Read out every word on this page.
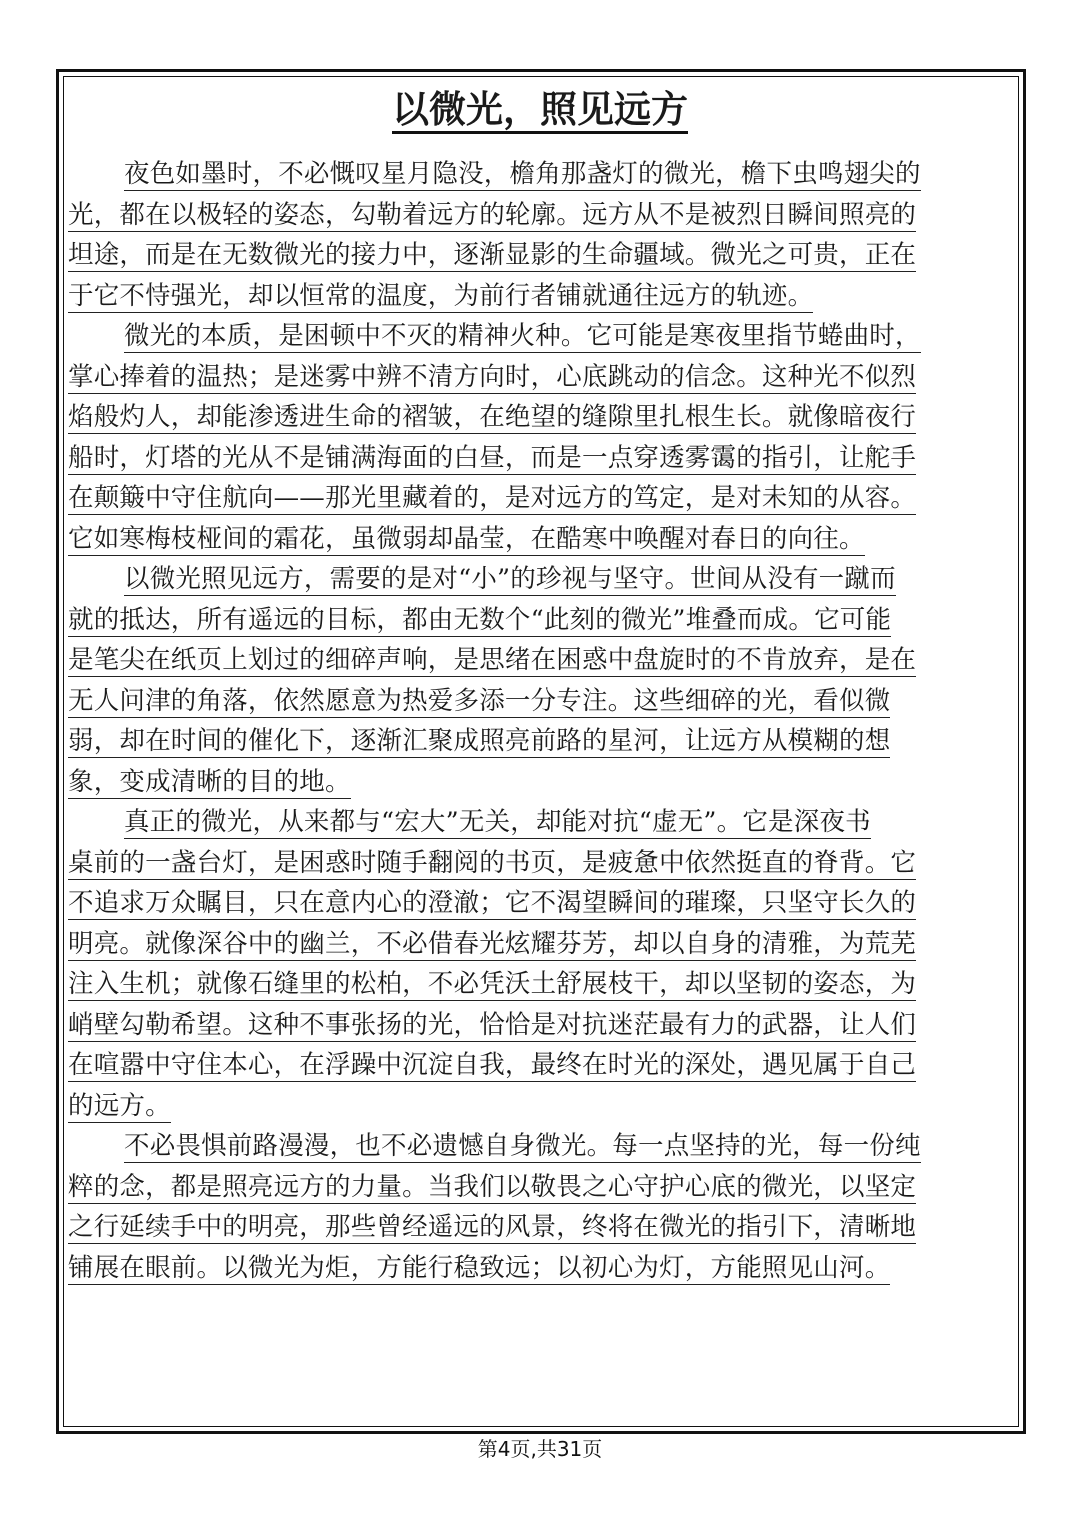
以微光，照见远方
夜色如墨时，不必慨叹星月隐没，檐角那盏灯的微光，檐下虫鸣翅尖的
光，都在以极轻的姿态，勾勒着远方的轮廓。远方从不是被烈日瞬间照亮的
坦途，而是在无数微光的接力中，逐渐显影的生命疆域。微光之可贵，正在
于它不恃强光，却以恒常的温度，为前行者铺就通往远方的轨迹。
微光的本质，是困顿中不灭的精神火种。它可能是寒夜里指节蜷曲时，
掌心捧着的温热；是迷雾中辨不清方向时，心底跳动的信念。这种光不似烈
焰般灼人，却能渗透进生命的褶皱，在绝望的缝隙里扎根生长。就像暗夜行
船时，灯塔的光从不是铺满海面的白昼，而是一点穿透雾霭的指引，让舵手
在颠簸中守住航向——那光里藏着的，是对远方的笃定，是对未知的从容。
它如寒梅枝桠间的霜花，虽微弱却晶莹，在酷寒中唤醒对春日的向往。
以微光照见远方，需要的是对“小”的珍视与坚守。世间从没有一蹴而
就的抵达，所有遥远的目标，都由无数个“此刻的微光”堆叠而成。它可能
是笔尖在纸页上划过的细碎声响，是思绪在困惑中盘旋时的不肯放弃，是在
无人问津的角落，依然愿意为热爱多添一分专注。这些细碎的光，看似微
弱，却在时间的催化下，逐渐汇聚成照亮前路的星河，让远方从模糊的想
象，变成清晰的目的地。
真正的微光，从来都与“宏大”无关，却能对抗“虚无”。它是深夜书
桌前的一盏台灯，是困惑时随手翻阅的书页，是疲惫中依然挺直的脊背。它
不追求万众瞩目，只在意内心的澄澈；它不渴望瞬间的璀璨，只坚守长久的
明亮。就像深谷中的幽兰，不必借春光炫耀芬芳，却以自身的清雅，为荒芜
注入生机；就像石缝里的松柏，不必凭沃土舒展枝干，却以坚韧的姿态，为
峭壁勾勒希望。这种不事张扬的光，恰恰是对抗迷茫最有力的武器，让人们
在喧嚣中守住本心，在浮躁中沉淀自我，最终在时光的深处，遇见属于自己
的远方。
不必畏惧前路漫漫，也不必遗憾自身微光。每一点坚持的光，每一份纯
粹的念，都是照亮远方的力量。当我们以敬畏之心守护心底的微光，以坚定
之行延续手中的明亮，那些曾经遥远的风景，终将在微光的指引下，清晰地
铺展在眼前。以微光为炬，方能行稳致远；以初心为灯，方能照见山河。
第4页,共31页
